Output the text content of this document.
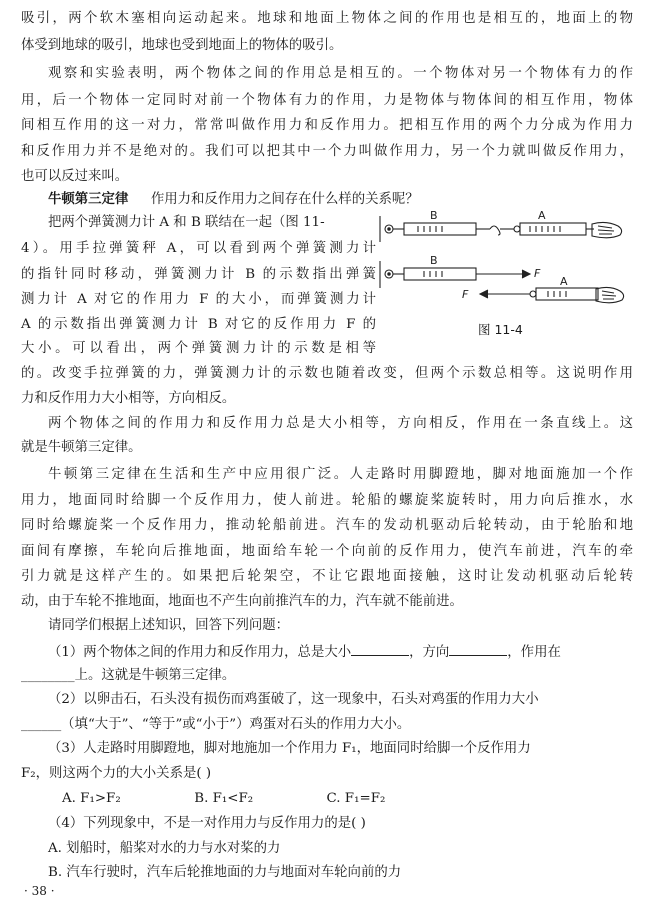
吸引，两个软木塞相向运动起来。地球和地面上物体之间的作用也是相互的，地面上的物
体受到地球的吸引，地球也受到地面上的物体的吸引。
观察和实验表明，两个物体之间的作用总是相互的。一个物体对另一个物体有力的作
用，后一个物体一定同时对前一个物体有力的作用，力是物体与物体间的相互作用，物体
间相互作用的这一对力，常常叫做作用力和反作用力。把相互作用的两个力分成为作用力
和反作用力并不是绝对的。我们可以把其中一个力叫做作用力，另一个力就叫做反作用力，
也可以反过来叫。
把两个弹簧测力计 A 和 B 联结在一起（图 11-
4）。用手拉弹簧秤 A，可以看到两个弹簧测力计
的指针同时移动，弹簧测力计 B 的示数指出弹簧
测力计 A 对它的作用力 F 的大小，而弹簧测力计
A 的示数指出弹簧测力计 B 对它的反作用力 F 的
大小。可以看出，两个弹簧测力计的示数是相等
的。改变手拉弹簧的力，弹簧测力计的示数也随着改变，但两个示数总相等。这说明作用
力和反作用力大小相等，方向相反。
两个物体之间的作用力和反作用力总是大小相等，方向相反，作用在一条直线上。这
就是牛顿第三定律。
牛顿第三定律在生活和生产中应用很广泛。人走路时用脚蹬地，脚对地面施加一个作
用力，地面同时给脚一个反作用力，使人前进。轮船的螺旋桨旋转时，用力向后推水，水
同时给螺旋桨一个反作用力，推动轮船前进。汽车的发动机驱动后轮转动，由于轮胎和地
面间有摩擦，车轮向后推地面，地面给车轮一个向前的反作用力，使汽车前进，汽车的牵
引力就是这样产生的。如果把后轮架空，不让它跟地面接触，这时让发动机驱动后轮转
动，由于车轮不推地面，地面也不产生向前推汽车的力，汽车就不能前进。
请同学们根据上述知识，回答下列问题：
________上。这就是牛顿第三定律。
（2）以卵击石，石头没有损伤而鸡蛋破了，这一现象中，石头对鸡蛋的作用力大小
______（填“大于”、“等于”或“小于”）鸡蛋对石头的作用力大小。
（3）人走路时用脚蹬地，脚对地施加一个作用力 F₁，地面同时给脚一个反作用力
F₂，则这两个力的大小关系是( )
（4）下列现象中，不是一对作用力与反作用力的是( )
A. 划船时，船桨对水的力与水对桨的力
B. 汽车行驶时，汽车后轮推地面的力与地面对车轮向前的力
牛顿第三定律 作用力和反作用力之间存在什么样的关系呢？
（1）两个物体之间的作用力和反作用力，总是大小	，方向	，作用在
A. F₁>F₂	B. F₁<F₂	C. F₁=F₂
B	A
B
A
F
F
图 11-4
· 38 ·
